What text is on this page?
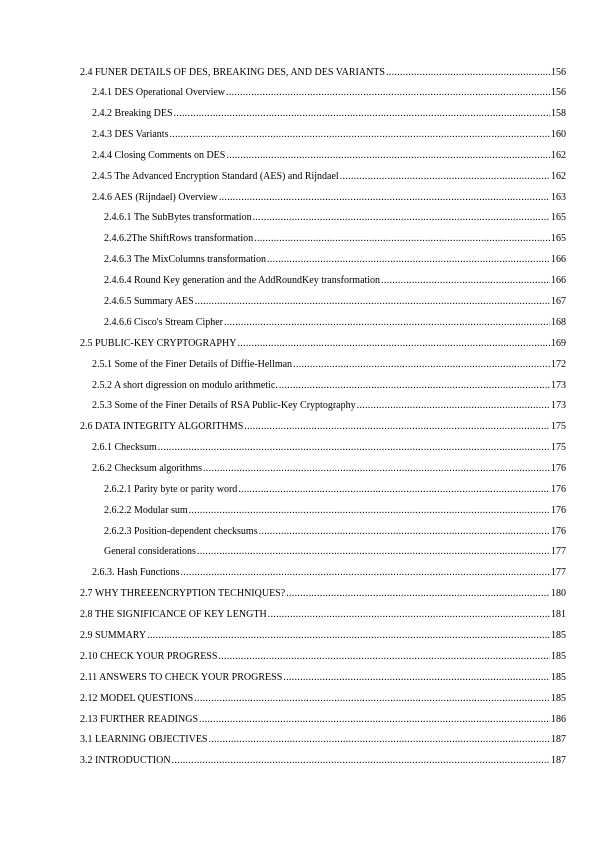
2.4 FUNER DETAILS OF DES, BREAKING DES, AND DES VARIANTS .....	156
2.4.1 DES Operational Overview .....	156
2.4.2 Breaking DES .....	158
2.4.3 DES Variants .....	160
2.4.4 Closing Comments on DES .....	162
2.4.5 The Advanced Encryption Standard (AES) and Rijndael .....	162
2.4.6 AES (Rijndael) Overview .....	163
2.4.6.1 The SubBytes transformation .....	165
2.4.6.2The ShiftRows transformation .....	165
2.4.6.3 The MixColumns transformation .....	166
2.4.6.4 Round Key generation and the AddRoundKey transformation .....	166
2.4.6.5 Summary AES .....	167
2.4.6.6 Cisco's Stream Cipher .....	168
2.5 PUBLIC-KEY CRYPTOGRAPHY .....	169
2.5.1 Some of the Finer Details of Diffie-Hellman .....	172
2.5.2 A short digression on modulo arithmetic. .....	173
2.5.3 Some of the Finer Details of RSA Public-Key Cryptography .....	173
2.6 DATA INTEGRITY ALGORITHMS .....	175
2.6.1 Checksum .....	175
2.6.2 Checksum algorithms .....	176
2.6.2.1 Parity byte or parity word .....	176
2.6.2.2 Modular sum .....	176
2.6.2.3 Position-dependent checksums .....	176
General considerations .....	177
2.6.3. Hash Functions .....	177
2.7 WHY THREEENCRYPTION TECHNIQUES? .....	180
2.8 THE SIGNIFICANCE OF KEY LENGTH .....	181
2.9 SUMMARY .....	185
2.10 CHECK YOUR PROGRESS .....	185
2.11 ANSWERS TO CHECK YOUR PROGRESS .....	185
2.12 MODEL QUESTIONS .....	185
2.13 FURTHER READINGS .....	186
3.1 LEARNING OBJECTIVES .....	187
3.2 INTRODUCTION .....	187
